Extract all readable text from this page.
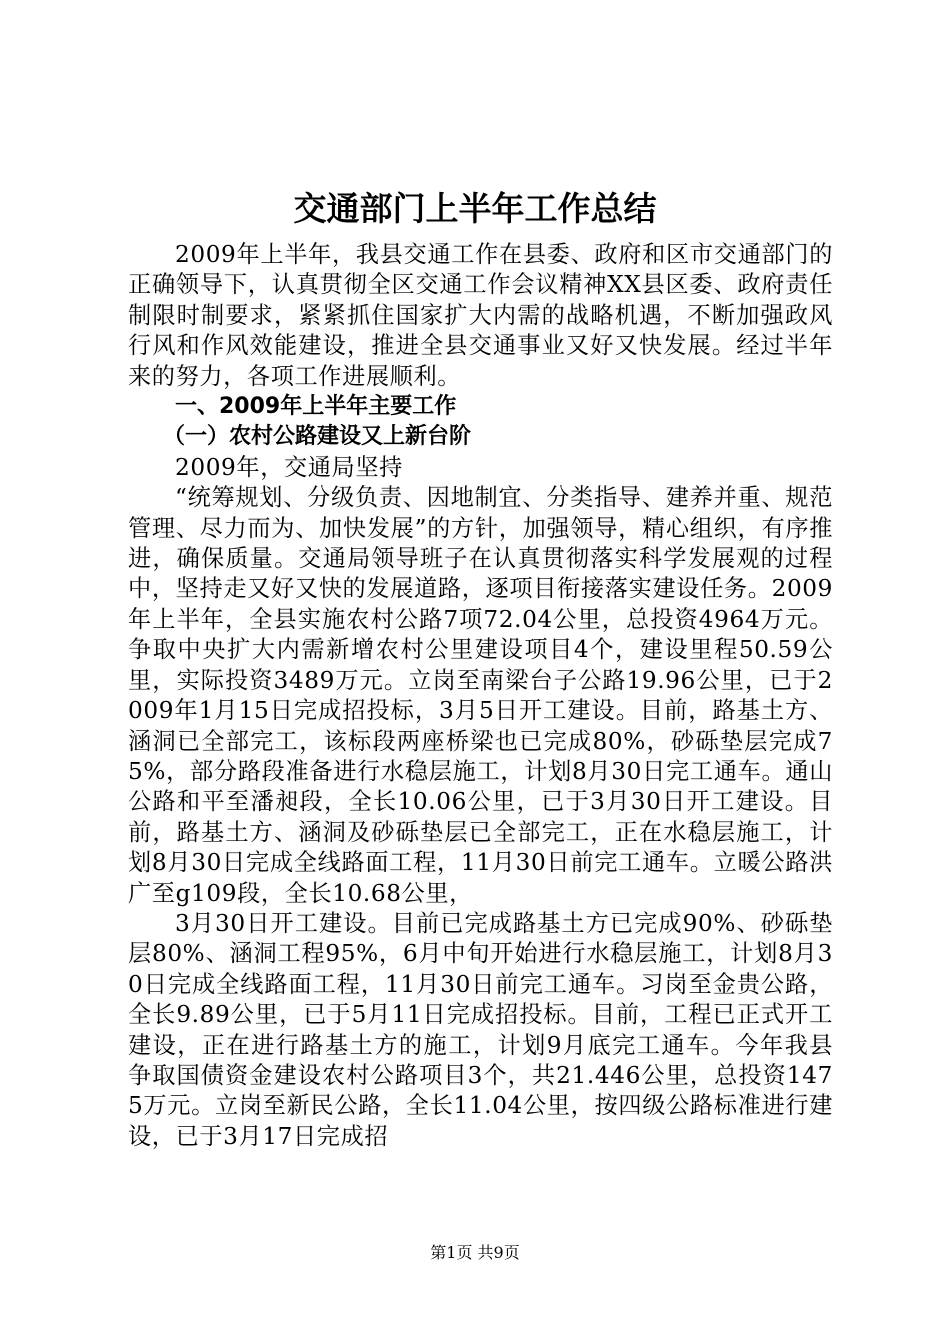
交通部门上半年工作总结

2009年上半年，我县交通工作在县委、政府和区市交通部门的正确领导下，认真贯彻全区交通工作会议精神XX县区委、政府责任制限时制要求，紧紧抓住国家扩大内需的战略机遇，不断加强政风行风和作风效能建设，推进全县交通事业又好又快发展。经过半年来的努力，各项工作进展顺利。

一、2009年上半年主要工作

（一）农村公路建设又上新台阶

2009年，交通局坚持

“统筹规划、分级负责、因地制宜、分类指导、建养并重、规范管理、尽力而为、加快发展”的方针，加强领导，精心组织，有序推进，确保质量。交通局领导班子在认真贯彻落实科学发展观的过程中，坚持走又好又快的发展道路，逐项目衔接落实建设任务。2009年上半年，全县实施农村公路7项72.04公里，总投资4964万元。争取中央扩大内需新增农村公里建设项目4个，建设里程50.59公里，实际投资3489万元。立岗至南梁台子公路19.96公里，已于2009年1月15日完成招投标，3月5日开工建设。目前，路基土方、涵洞已全部完工，该标段两座桥梁也已完成80%，砂砾垫层完成75%，部分路段准备进行水稳层施工，计划8月30日完工通车。通山公路和平至潘昶段，全长10.06公里，已于3月30日开工建设。目前，路基土方、涵洞及砂砾垫层已全部完工，正在水稳层施工，计划8月30日完成全线路面工程，11月30日前完工通车。立暖公路洪广至g109段，全长10.68公里，

3月30日开工建设。目前已完成路基土方已完成90%、砂砾垫层80%、涵洞工程95%，6月中旬开始进行水稳层施工，计划8月30日完成全线路面工程，11月30日前完工通车。习岗至金贵公路，全长9.89公里，已于5月11日完成招投标。目前，工程已正式开工建设，正在进行路基土方的施工，计划9月底完工通车。今年我县争取国债资金建设农村公路项目3个，共21.446公里，总投资1475万元。立岗至新民公路，全长11.04公里，按四级公路标准进行建设，已于3月17日完成招

第1页 共9页
